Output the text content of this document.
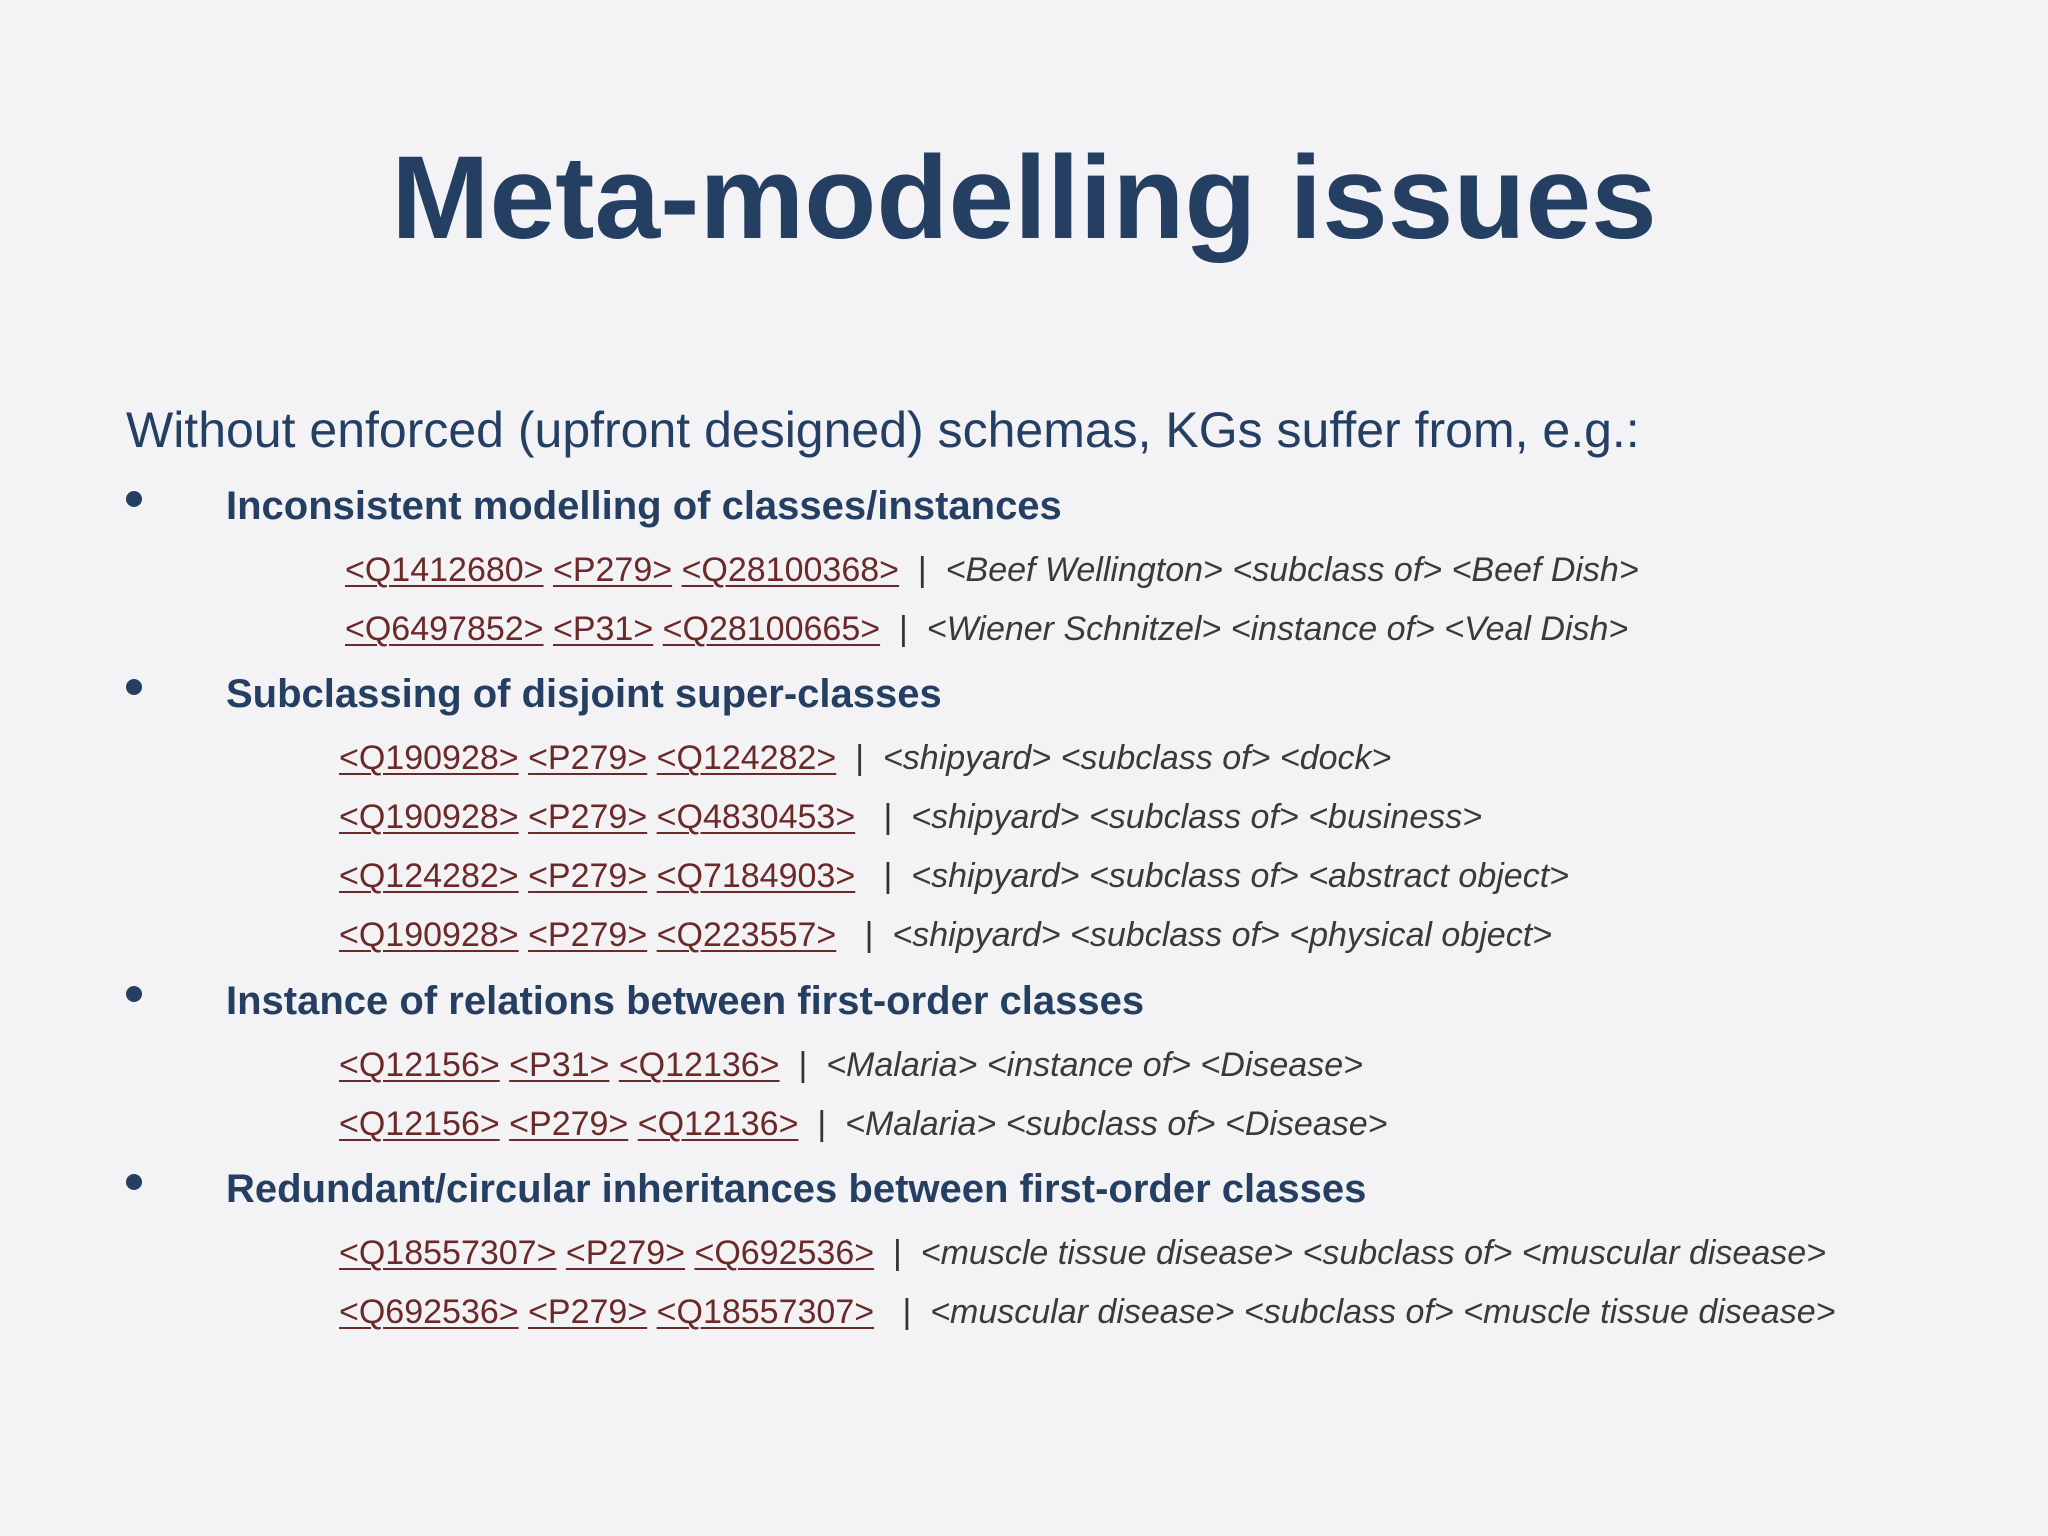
Meta-modelling issues

Without enforced (upfront designed) schemas, KGs suffer from, e.g.:

Inconsistent modelling of classes/instances
<Q1412680> <P279> <Q28100368> | <Beef Wellington> <subclass of> <Beef Dish>
<Q6497852> <P31> <Q28100665> | <Wiener Schnitzel> <instance of> <Veal Dish>
Subclassing of disjoint super-classes
<Q190928> <P279> <Q124282> | <shipyard> <subclass of> <dock>
<Q190928> <P279> <Q4830453> | <shipyard> <subclass of> <business>
<Q124282> <P279> <Q7184903> | <shipyard> <subclass of> <abstract object>
<Q190928> <P279> <Q223557> | <shipyard> <subclass of> <physical object>
Instance of relations between first-order classes
<Q12156> <P31> <Q12136> | <Malaria> <instance of> <Disease>
<Q12156> <P279> <Q12136> | <Malaria> <subclass of> <Disease>
Redundant/circular inheritances between first-order classes
<Q18557307> <P279> <Q692536> | <muscle tissue disease> <subclass of> <muscular disease>
<Q692536> <P279> <Q18557307> | <muscular disease> <subclass of> <muscle tissue disease>
